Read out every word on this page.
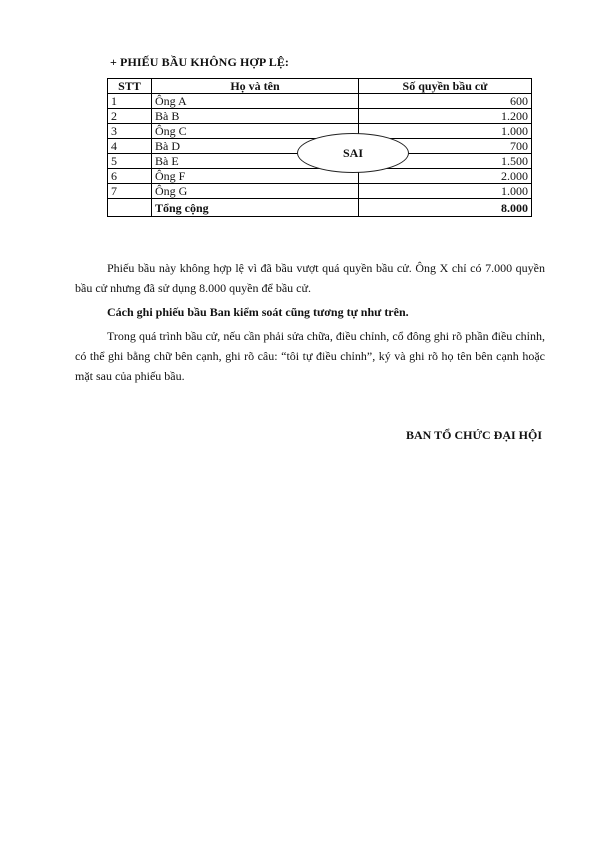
+ PHIẾU BẦU KHÔNG HỢP LỆ:
STT	Họ và tên	Số quyền bầu cử
1	Ông A	600
2	Bà B	1.200
3	Ông C	1.000
4	Bà D	700
5	Bà E	1.500
6	Ông F	2.000
7	Ông G	1.000
	Tổng cộng	8.000
SAI
Phiếu bầu này không hợp lệ vì đã bầu vượt quá quyền bầu cử. Ông X chỉ có 7.000 quyền bầu cử nhưng đã sử dụng 8.000 quyền để bầu cử.
Cách ghi phiếu bầu Ban kiểm soát cũng tương tự như trên.
Trong quá trình bầu cử, nếu cần phải sửa chữa, điều chỉnh, cổ đông ghi rõ phần điều chỉnh, có thể ghi bằng chữ bên cạnh, ghi rõ câu: “tôi tự điều chỉnh”, ký và ghi rõ họ tên bên cạnh hoặc mặt sau của phiếu bầu.
BAN TỔ CHỨC ĐẠI HỘI
